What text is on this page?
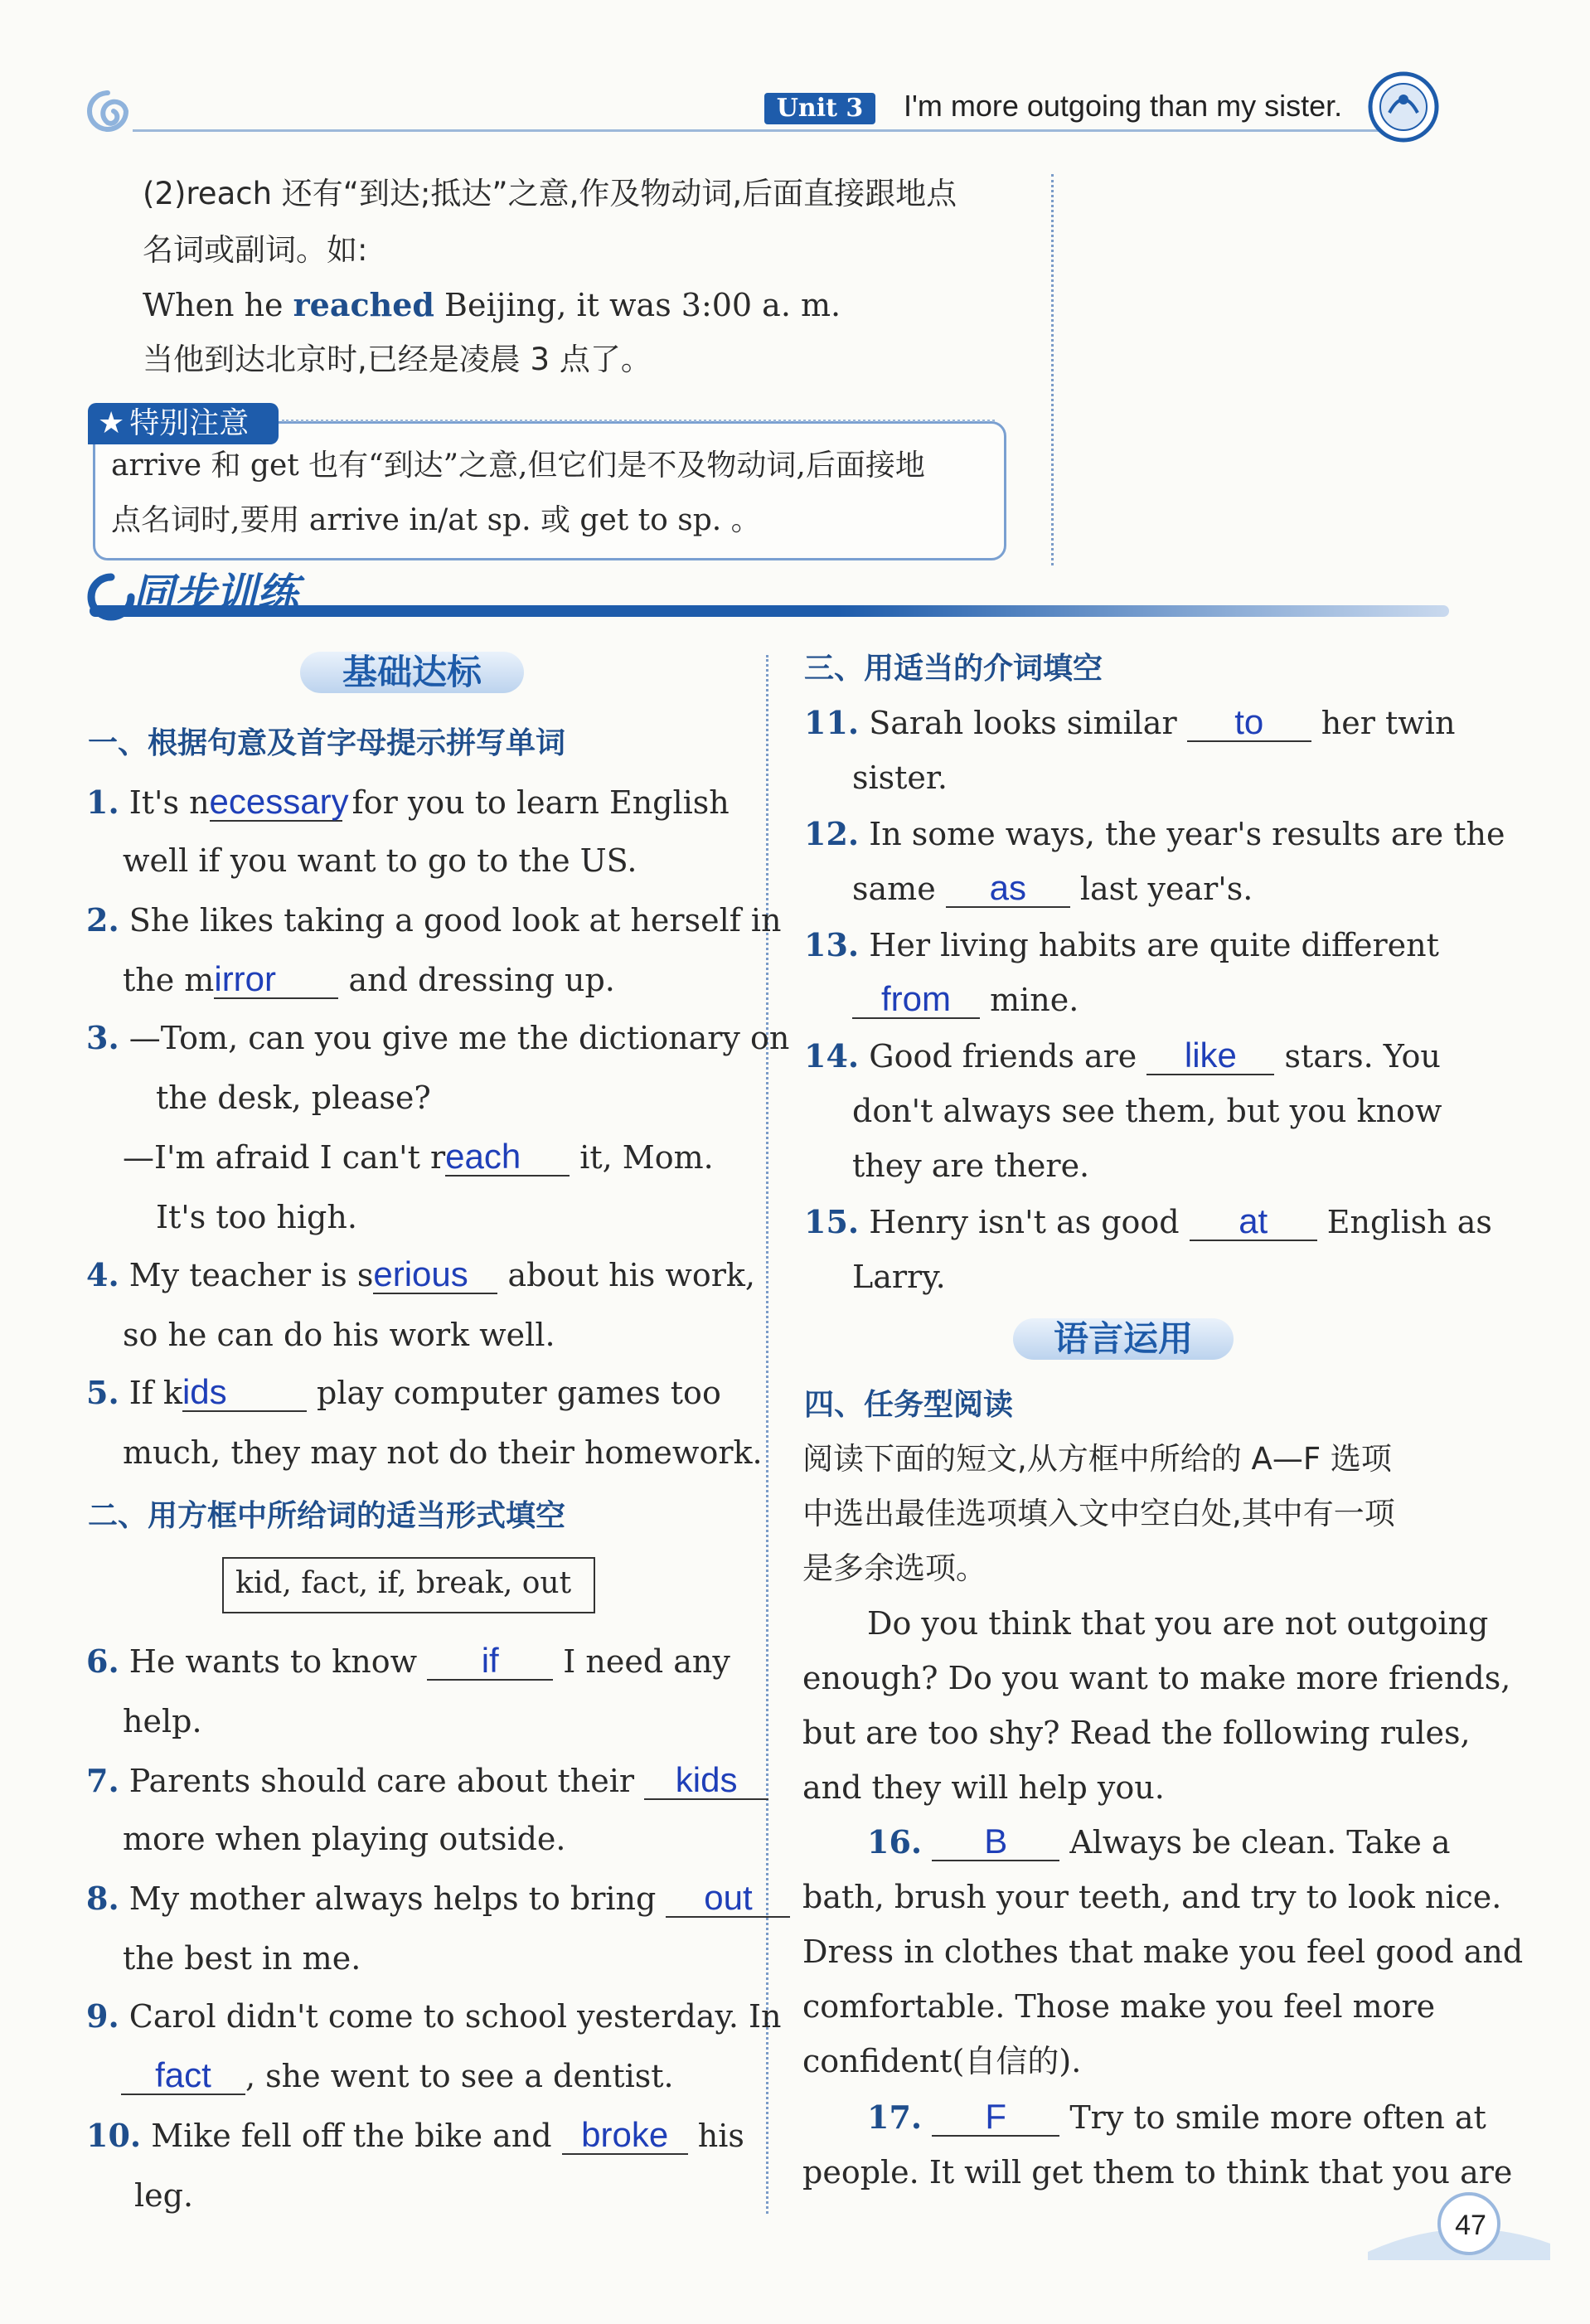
Unit 3	I'm more outgoing than my sister.
(2)reach 还有“到达;抵达”之意,作及物动词,后面直接跟地点
名词或副词。如:
When he reached Beijing, it was 3:00 a. m.
当他到达北京时,已经是凌晨 3 点了。
★ 特别注意
arrive 和 get 也有“到达”之意,但它们是不及物动词,后面接地
点名词时,要用 arrive in/at sp. 或 get to sp. 。
同步训练
基础达标
一、根据句意及首字母提示拼写单词
1. It's necessary for you to learn English
well if you want to go to the US.
2. She likes taking a good look at herself in
the mirror and dressing up.
3. —Tom, can you give me the dictionary on
the desk, please?
—I'm afraid I can't reach it, Mom.
It's too high.
4. My teacher is serious about his work,
so he can do his work well.
5. If kids	play computer games too
much, they may not do their homework.
二、用方框中所给词的适当形式填空
kid, fact, if, break, out
6. He wants to know if I need any
help.
7. Parents should care about their kids
more when playing outside.
8. My mother always helps to bring out
the best in me.
9. Carol didn't come to school yesterday. In
fact , she went to see a dentist.
10. Mike fell off the bike and broke his
leg.
三、用适当的介词填空
11. Sarah looks similar to her twin
sister.
12. In some ways, the year's results are the
same as last year's.
13. Her living habits are quite different
from mine.
14. Good friends are like stars. You
don't always see them, but you know
they are there.
15. Henry isn't as good at English as
Larry.
语言运用
四、任务型阅读
阅读下面的短文,从方框中所给的 A—F 选项
中选出最佳选项填入文中空白处,其中有一项
是多余选项。
Do you think that you are not outgoing
enough? Do you want to make more friends,
but are too shy? Read the following rules,
and they will help you.
16. B Always be clean. Take a
bath, brush your teeth, and try to look nice.
Dress in clothes that make you feel good and
comfortable. Those make you feel more
confident(自信的).
17. F Try to smile more often at
people. It will get them to think that you are
47
